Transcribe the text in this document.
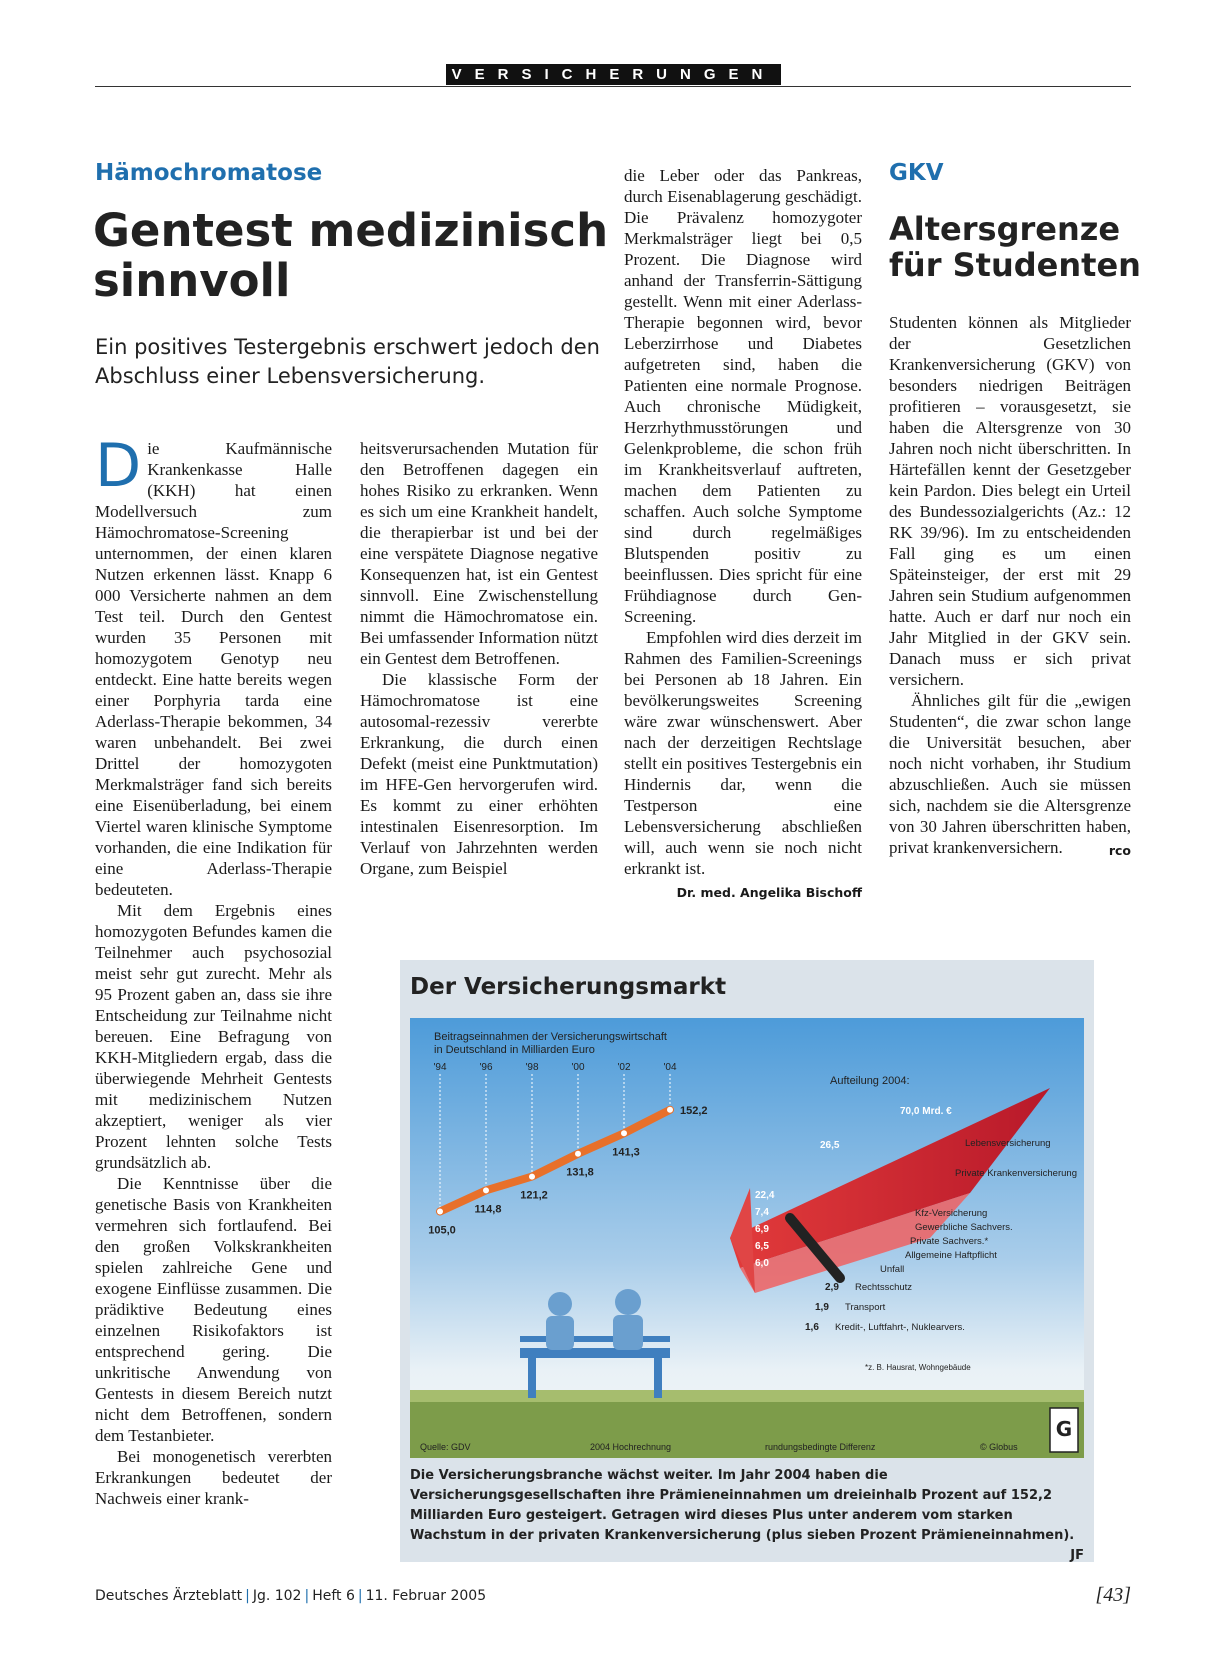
VERSICHERUNGEN
Hämochromatose
Gentest medizinisch
sinnvoll
Ein positives Testergebnis erschwert jedoch den
Abschluss einer Lebensversicherung.

Die Kaufmännische Krankenkasse Halle (KKH) hat einen Modellversuch zum Hämochromatose-Screening unternommen, der einen klaren Nutzen erkennen lässt. Knapp 6 000 Versicherte nahmen an dem Test teil. Durch den Gentest wurden 35 Personen mit homozygotem Genotyp neu entdeckt. Eine hatte bereits wegen einer Porphyria tarda eine Aderlass-Therapie bekommen, 34 waren unbehandelt. Bei zwei Drittel der homozygoten Merkmalsträger fand sich bereits eine Eisenüberladung, bei einem Viertel waren klinische Symptome vorhanden, die eine Indikation für eine Aderlass-Therapie bedeuteten.

Mit dem Ergebnis eines homozygoten Befundes kamen die Teilnehmer auch psychosozial meist sehr gut zurecht. Mehr als 95 Prozent gaben an, dass sie ihre Entscheidung zur Teilnahme nicht bereuen. Eine Befragung von KKH-Mitgliedern ergab, dass die überwiegende Mehrheit Gentests mit medizinischem Nutzen akzeptiert, weniger als vier Prozent lehnten solche Tests grundsätzlich ab.

Die Kenntnisse über die genetische Basis von Krankheiten vermehren sich fortlaufend. Bei den großen Volkskrankheiten spielen zahlreiche Gene und exogene Einflüsse zusammen. Die prädiktive Bedeutung eines einzelnen Risikofaktors ist entsprechend gering. Die unkritische Anwendung von Gentests in diesem Bereich nutzt nicht dem Betroffenen, sondern dem Testanbieter.

Bei monogenetisch vererbten Erkrankungen bedeutet der Nachweis einer krank-

heitsverursachenden Mutation für den Betroffenen dagegen ein hohes Risiko zu erkranken. Wenn es sich um eine Krankheit handelt, die therapierbar ist und bei der eine verspätete Diagnose negative Konsequenzen hat, ist ein Gentest sinnvoll. Eine Zwischenstellung nimmt die Hämochromatose ein. Bei umfassender Information nützt ein Gentest dem Betroffenen.

Die klassische Form der Hämochromatose ist eine autosomal-rezessiv vererbte Erkrankung, die durch einen Defekt (meist eine Punktmutation) im HFE-Gen hervorgerufen wird. Es kommt zu einer erhöhten intestinalen Eisenresorption. Im Verlauf von Jahrzehnten werden Organe, zum Beispiel

die Leber oder das Pankreas, durch Eisenablagerung geschädigt. Die Prävalenz homozygoter Merkmalsträger liegt bei 0,5 Prozent. Die Diagnose wird anhand der Transferrin-Sättigung gestellt. Wenn mit einer Aderlass-Therapie begonnen wird, bevor Leberzirrhose und Diabetes aufgetreten sind, haben die Patienten eine normale Prognose. Auch chronische Müdigkeit, Herzrhythmusstörungen und Gelenkprobleme, die schon früh im Krankheitsverlauf auftreten, machen dem Patienten zu schaffen. Auch solche Symptome sind durch regelmäßiges Blutspenden positiv zu beeinflussen. Dies spricht für eine Frühdiagnose durch Gen-Screening.

Empfohlen wird dies derzeit im Rahmen des Familien-Screenings bei Personen ab 18 Jahren. Ein bevölkerungsweites Screening wäre zwar wünschenswert. Aber nach der derzeitigen Rechtslage stellt ein positives Testergebnis ein Hindernis dar, wenn die Testperson eine Lebensversicherung abschließen will, auch wenn sie noch nicht erkrankt ist.
Dr. med. Angelika Bischoff

GKV
Altersgrenze
für Studenten

Studenten können als Mitglieder der Gesetzlichen Krankenversicherung (GKV) von besonders niedrigen Beiträgen profitieren – vorausgesetzt, sie haben die Altersgrenze von 30 Jahren noch nicht überschritten. In Härtefällen kennt der Gesetzgeber kein Pardon. Dies belegt ein Urteil des Bundessozialgerichts (Az.: 12 RK 39/96). Im zu entscheidenden Fall ging es um einen Späteinsteiger, der erst mit 29 Jahren sein Studium aufgenommen hatte. Auch er darf nur noch ein Jahr Mitglied in der GKV sein. Danach muss er sich privat versichern.

Ähnliches gilt für die „ewigen Studenten“, die zwar schon lange die Universität besuchen, aber noch nicht vorhaben, ihr Studium abzuschließen. Auch sie müssen sich, nachdem sie die Altersgrenze von 30 Jahren überschritten haben, privat krankenversichern.	rco

Der Versicherungsmarkt
Beitragseinnahmen der Versicherungswirtschaft
in Deutschland in Milliarden Euro
'94	'96	'98	'00	'02	'04
105,0
114,8
121,2
131,8
141,3
152,2	70,0 Mrd. €
Lebensversicherung
26,5
Private Krankenversicherung
22,4
Kfz-Versicherung
7,4
Gewerbliche Sachvers.
6,9
Private Sachvers.*
6,5
Allgemeine Haftpflicht
6,0
Unfall
2,9 Rechtsschutz
1,9 Transport
1,6 Kredit-, Luftfahrt-, Nuklearvers.
Aufteilung 2004:
Quelle: GDV	2004 Hochrechnung	rundungsbedingte Differenz	© Globus
*z. B. Hausrat, Wohngebäude
G
Die Versicherungsbranche wächst weiter. Im Jahr 2004 haben die Versicherungsgesellschaften ihre Prämieneinnahmen um dreieinhalb Prozent auf 152,2 Milliarden Euro gesteigert. Getragen wird dieses Plus unter anderem vom starken Wachstum in der privaten Krankenversicherung (plus sieben Prozent Prämieneinnahmen).
JF
Deutsches Ärzteblatt | Jg. 102 | Heft 6 | 11. Februar 2005	[43]
